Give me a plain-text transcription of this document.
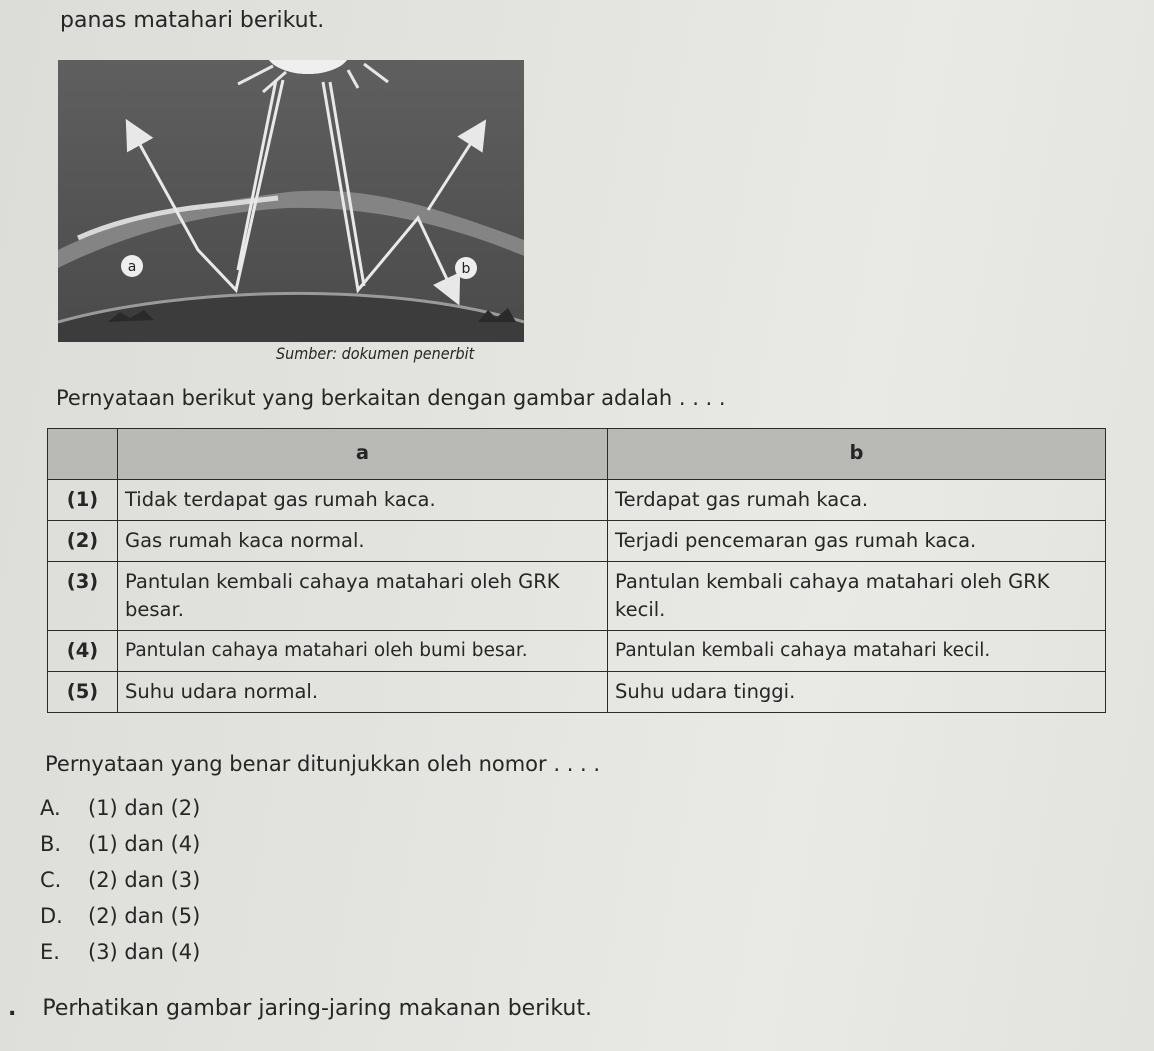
panas matahari berikut.
a	b
Sumber: dokumen penerbit
Pernyataan berikut yang berkaitan dengan gambar adalah . . . .
	a	b
(1)	Tidak terdapat gas rumah kaca.	Terdapat gas rumah kaca.
(2)	Gas rumah kaca normal.	Terjadi pencemaran gas rumah kaca.
(3)	Pantulan kembali cahaya matahari oleh GRK besar.	Pantulan kembali cahaya matahari oleh GRK kecil.
(4)	Pantulan cahaya matahari oleh bumi besar.	Pantulan kembali cahaya matahari kecil.
(5)	Suhu udara normal.	Suhu udara tinggi.
Pernyataan yang benar ditunjukkan oleh nomor . . . .
A.	(1) dan (2)
B.	(1) dan (4)
C.	(2) dan (3)
D.	(2) dan (5)
E.	(3) dan (4)
. Perhatikan gambar jaring-jaring makanan berikut.
